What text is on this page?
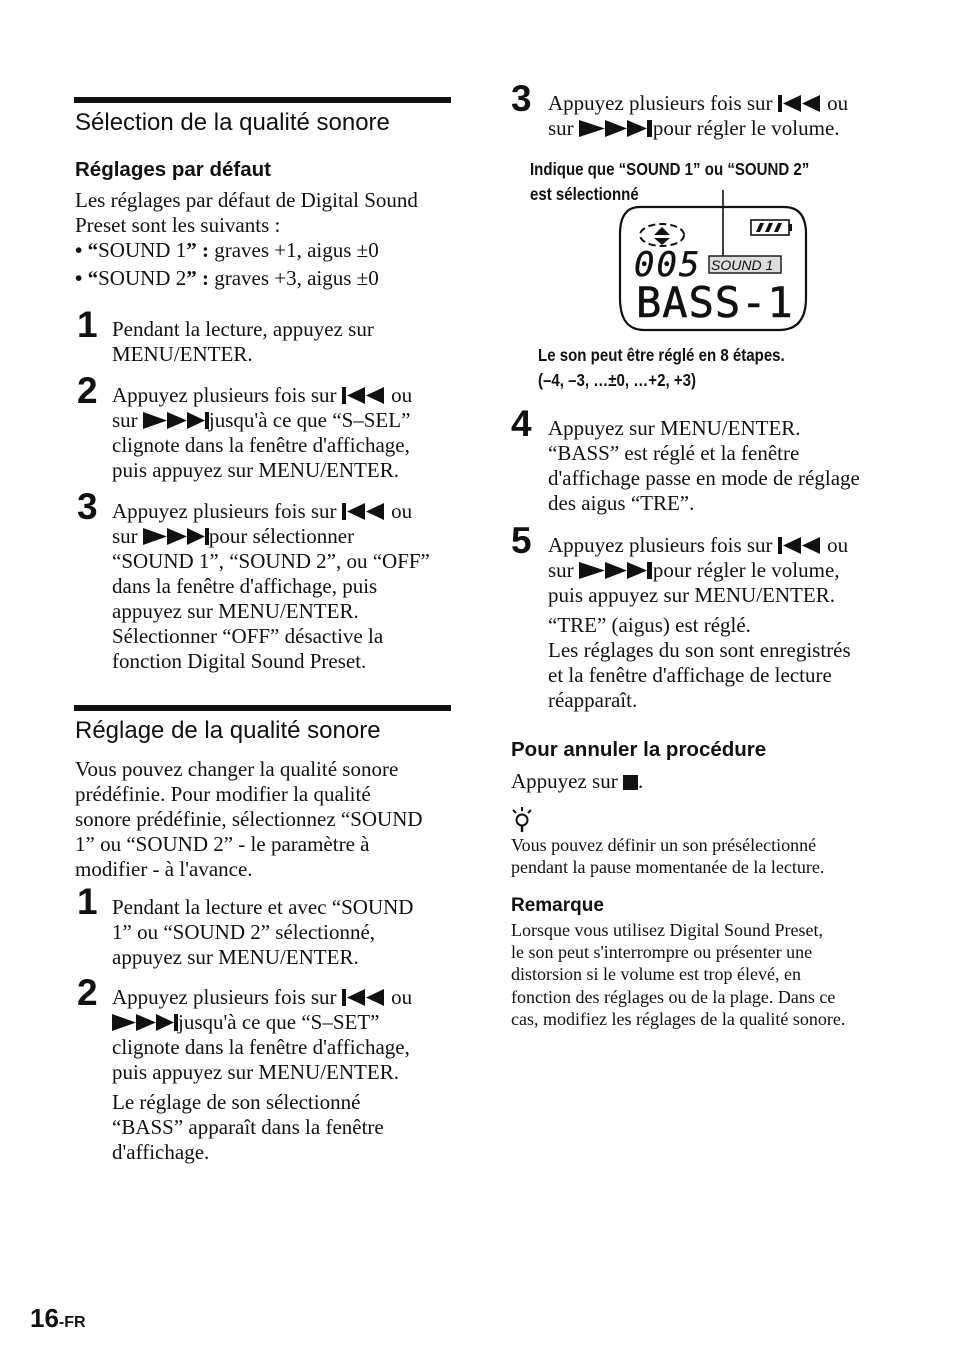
Sélection de la qualité sonore
Réglages par défaut
Les réglages par défaut de Digital Sound
Preset sont les suivants :
• “SOUND 1” : graves +1, aigus ±0
• “SOUND 2” : graves +3, aigus ±0
1 Pendant la lecture, appuyez sur
MENU/ENTER.
2 Appuyez plusieurs fois sur  ou
sur	jusqu'à ce que “S–SEL”
clignote dans la fenêtre d'affichage,
puis appuyez sur MENU/ENTER.
3 Appuyez plusieurs fois sur  ou
sur	pour sélectionner
“SOUND 1”, “SOUND 2”, ou “OFF”
dans la fenêtre d'affichage, puis
appuyez sur MENU/ENTER.
Sélectionner “OFF” désactive la
fonction Digital Sound Preset.
Réglage de la qualité sonore
Vous pouvez changer la qualité sonore
prédéfinie. Pour modifier la qualité
sonore prédéfinie, sélectionnez “SOUND
1” ou “SOUND 2” - le paramètre à
modifier - à l'avance.
1 Pendant la lecture et avec “SOUND
1” ou “SOUND 2” sélectionné,
appuyez sur MENU/ENTER.
2 Appuyez plusieurs fois sur  ou
jusqu'à ce que “S–SET”
clignote dans la fenêtre d'affichage,
puis appuyez sur MENU/ENTER.
Le réglage de son sélectionné
“BASS” apparaît dans la fenêtre
d'affichage.
16-FR
3 Appuyez plusieurs fois sur  ou
sur	pour régler le volume.
Indique que “SOUND 1” ou “SOUND 2”
est sélectionné
005 SOUND 1
BASS-1
Le son peut être réglé en 8 étapes.
(–4, –3, …±0, …+2, +3)
4 Appuyez sur MENU/ENTER.
“BASS” est réglé et la fenêtre
d'affichage passe en mode de réglage
des aigus “TRE”.
5 Appuyez plusieurs fois sur  ou
sur	pour régler le volume,
puis appuyez sur MENU/ENTER.
“TRE” (aigus) est réglé.
Les réglages du son sont enregistrés
et la fenêtre d'affichage de lecture
réapparaît.
Pour annuler la procédure
Appuyez sur .
Vous pouvez définir un son présélectionné
pendant la pause momentanée de la lecture.
Remarque
Lorsque vous utilisez Digital Sound Preset,
le son peut s'interrompre ou présenter une
distorsion si le volume est trop élevé, en
fonction des réglages ou de la plage. Dans ce
cas, modifiez les réglages de la qualité sonore.
